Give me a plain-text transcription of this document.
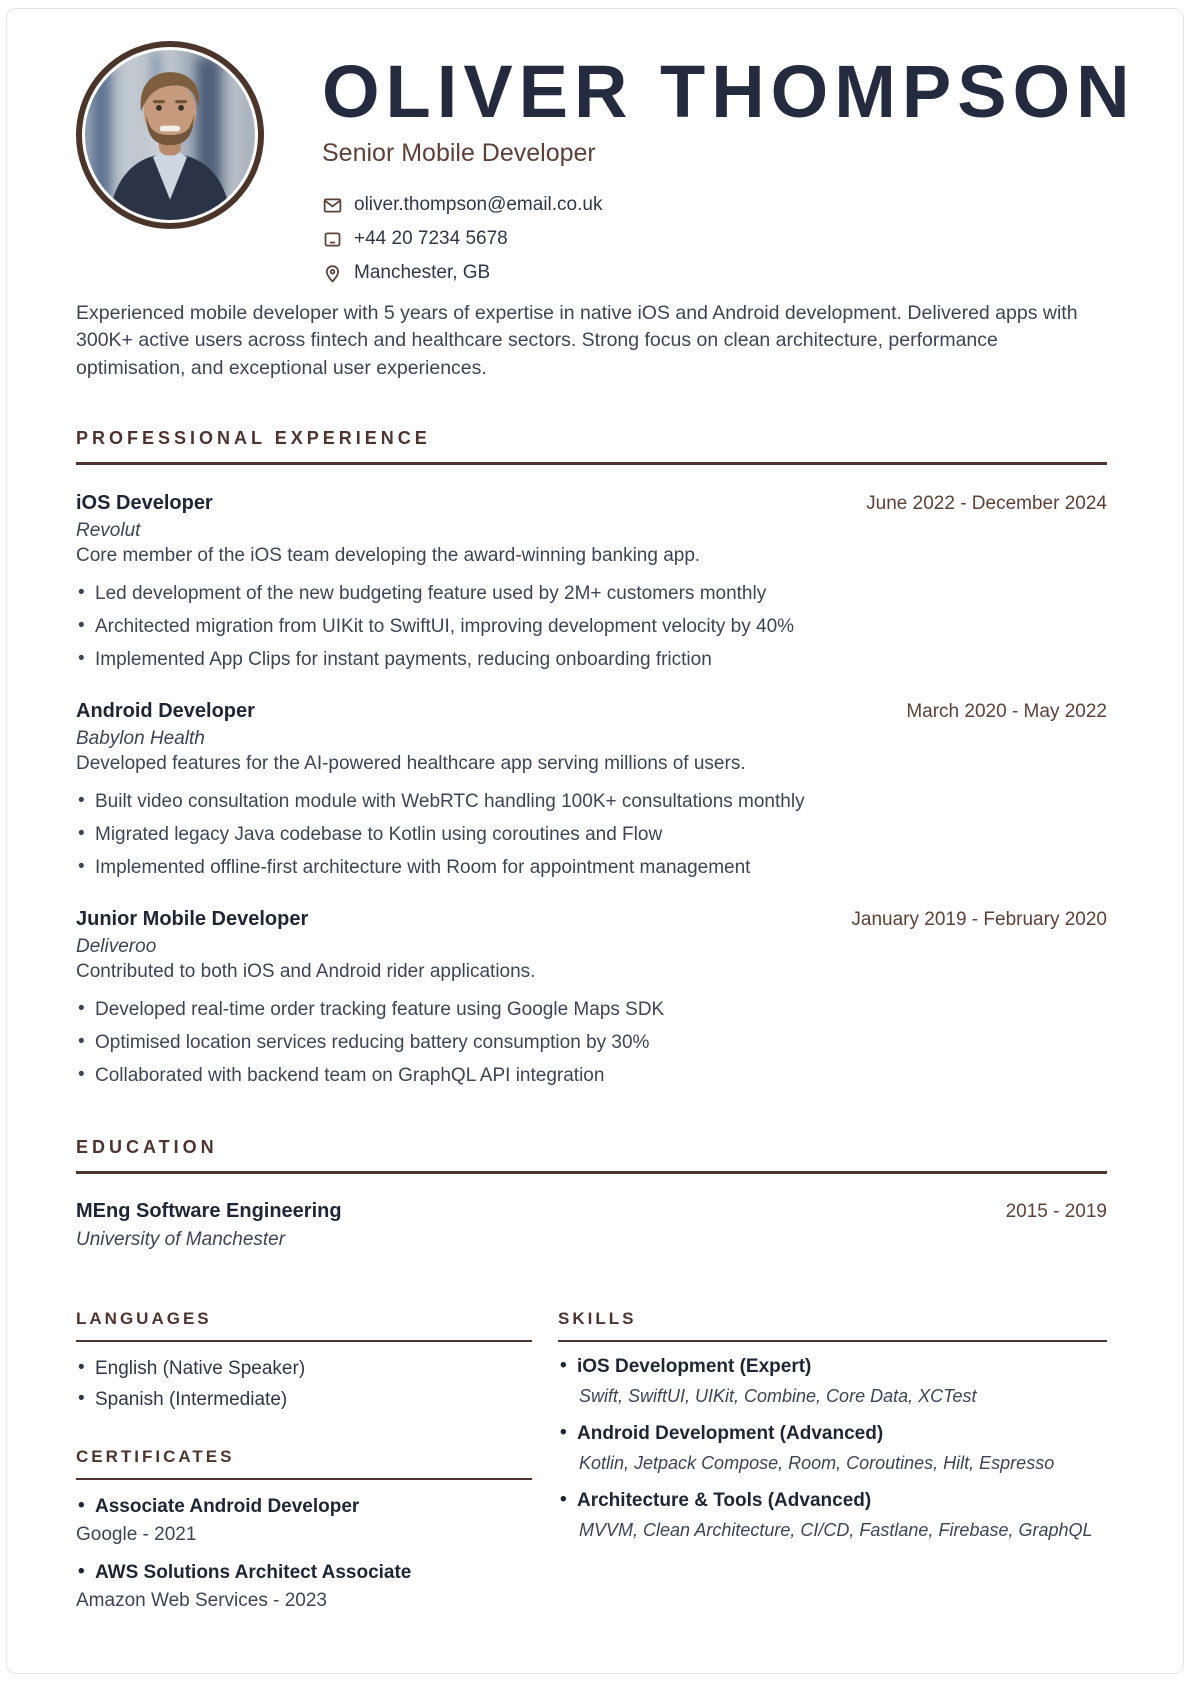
OLIVER THOMPSON
Senior Mobile Developer
oliver.thompson@email.co.uk
+44 20 7234 5678
Manchester, GB

Experienced mobile developer with 5 years of expertise in native iOS and Android development. Delivered apps with 300K+ active users across fintech and healthcare sectors. Strong focus on clean architecture, performance optimisation, and exceptional user experiences.

PROFESSIONAL EXPERIENCE
iOS Developer	June 2022 - December 2024
Revolut
Core member of the iOS team developing the award-winning banking app.
• Led development of the new budgeting feature used by 2M+ customers monthly
• Architected migration from UIKit to SwiftUI, improving development velocity by 40%
• Implemented App Clips for instant payments, reducing onboarding friction
Android Developer	March 2020 - May 2022
Babylon Health
Developed features for the AI-powered healthcare app serving millions of users.
• Built video consultation module with WebRTC handling 100K+ consultations monthly
• Migrated legacy Java codebase to Kotlin using coroutines and Flow
• Implemented offline-first architecture with Room for appointment management
Junior Mobile Developer	January 2019 - February 2020
Deliveroo
Contributed to both iOS and Android rider applications.
• Developed real-time order tracking feature using Google Maps SDK
• Optimised location services reducing battery consumption by 30%
• Collaborated with backend team on GraphQL API integration
EDUCATION
MEng Software Engineering	2015 - 2019
University of Manchester
LANGUAGES
• English (Native Speaker)
• Spanish (Intermediate)
CERTIFICATES
• Associate Android Developer
Google - 2021
• AWS Solutions Architect Associate
Amazon Web Services - 2023
SKILLS
• iOS Development (Expert)
Swift, SwiftUI, UIKit, Combine, Core Data, XCTest
• Android Development (Advanced)
Kotlin, Jetpack Compose, Room, Coroutines, Hilt, Espresso
• Architecture & Tools (Advanced)
MVVM, Clean Architecture, CI/CD, Fastlane, Firebase, GraphQL
